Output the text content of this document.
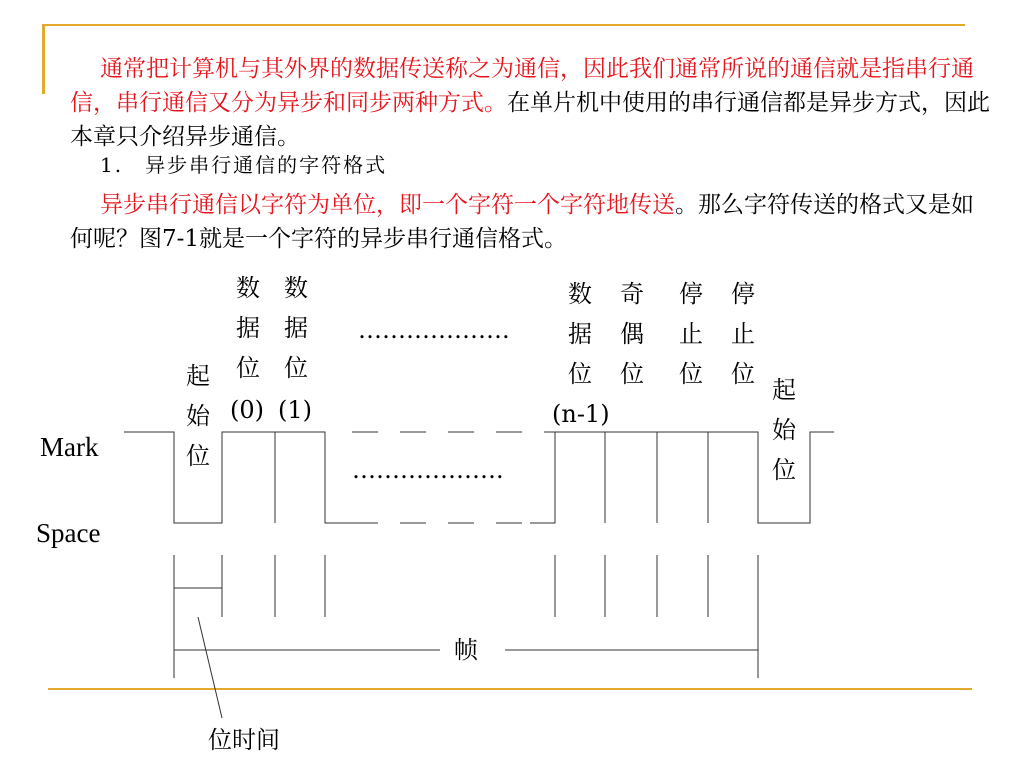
通常把计算机与其外界的数据传送称之为通信，因此我们通常所说的通信就是指串行通信，串行通信又分为异步和同步两种方式。在单片机中使用的串行通信都是异步方式，因此本章只介绍异步通信。

1.　异步串行通信的字符格式

异步串行通信以字符为单位，即一个字符一个字符地传送。那么字符传送的格式又是如何呢？图7-1就是一个字符的异步串行通信格式。

Mark
Space
起始位
数据位
(0)
数据位
(1)
……………….
……………….
数据位
(n-1)
奇偶位
停止位
停止位
起始位
帧
位时间
